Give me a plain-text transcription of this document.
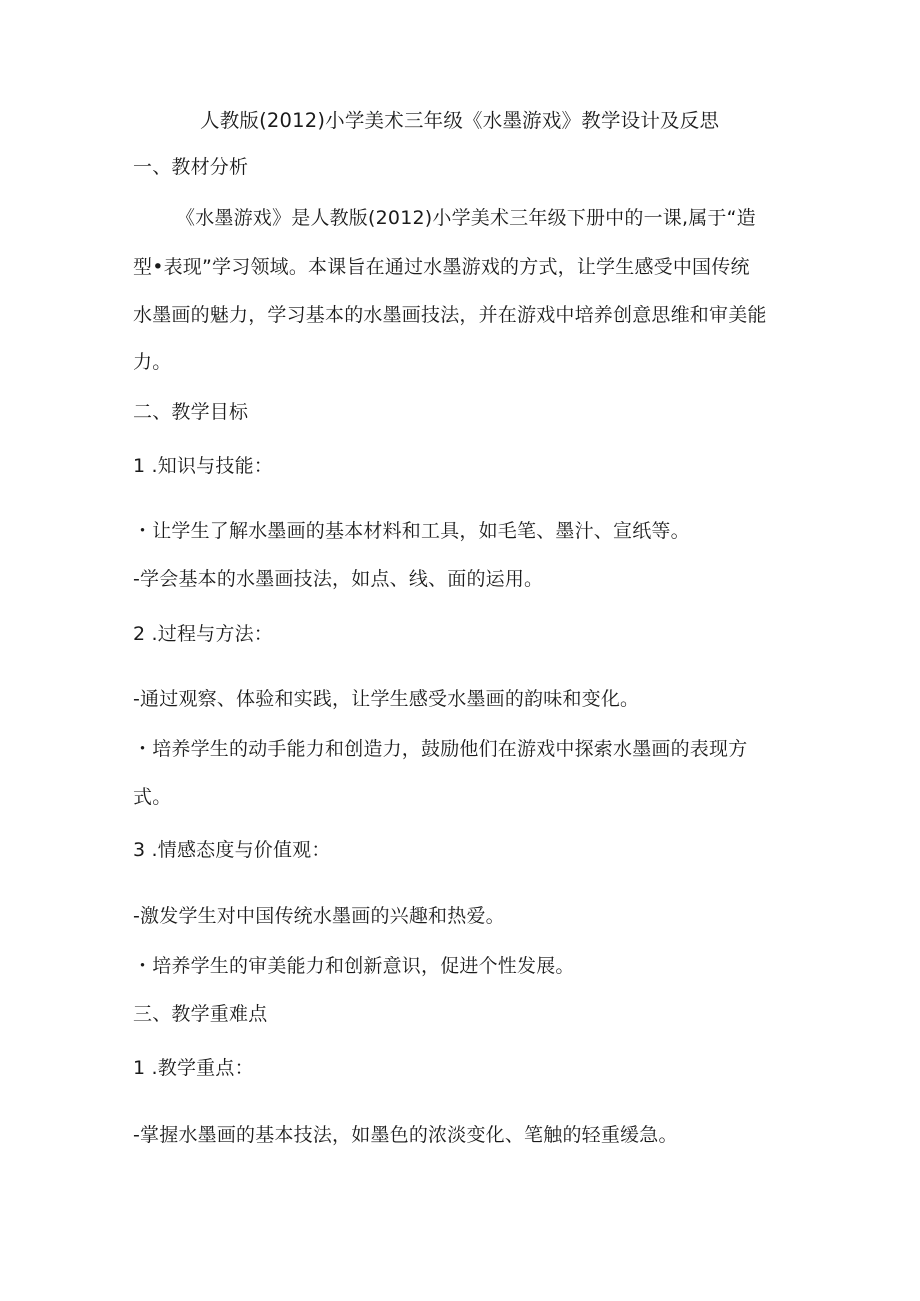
人教版(2012)小学美术三年级《水墨游戏》教学设计及反思
一、教材分析
《水墨游戏》是人教版(2012)小学美术三年级下册中的一课,属于“造
型•表现”学习领域。本课旨在通过水墨游戏的方式，让学生感受中国传统
水墨画的魅力，学习基本的水墨画技法，并在游戏中培养创意思维和审美能
力。
二、教学目标
1 .知识与技能：
・让学生了解水墨画的基本材料和工具，如毛笔、墨汁、宣纸等。
-学会基本的水墨画技法，如点、线、面的运用。
2 .过程与方法：
-通过观察、体验和实践，让学生感受水墨画的韵味和变化。
・培养学生的动手能力和创造力，鼓励他们在游戏中探索水墨画的表现方
式。
3 .情感态度与价值观：
-激发学生对中国传统水墨画的兴趣和热爱。
・培养学生的审美能力和创新意识，促进个性发展。
三、教学重难点
1 .教学重点：
-掌握水墨画的基本技法，如墨色的浓淡变化、笔触的轻重缓急。
